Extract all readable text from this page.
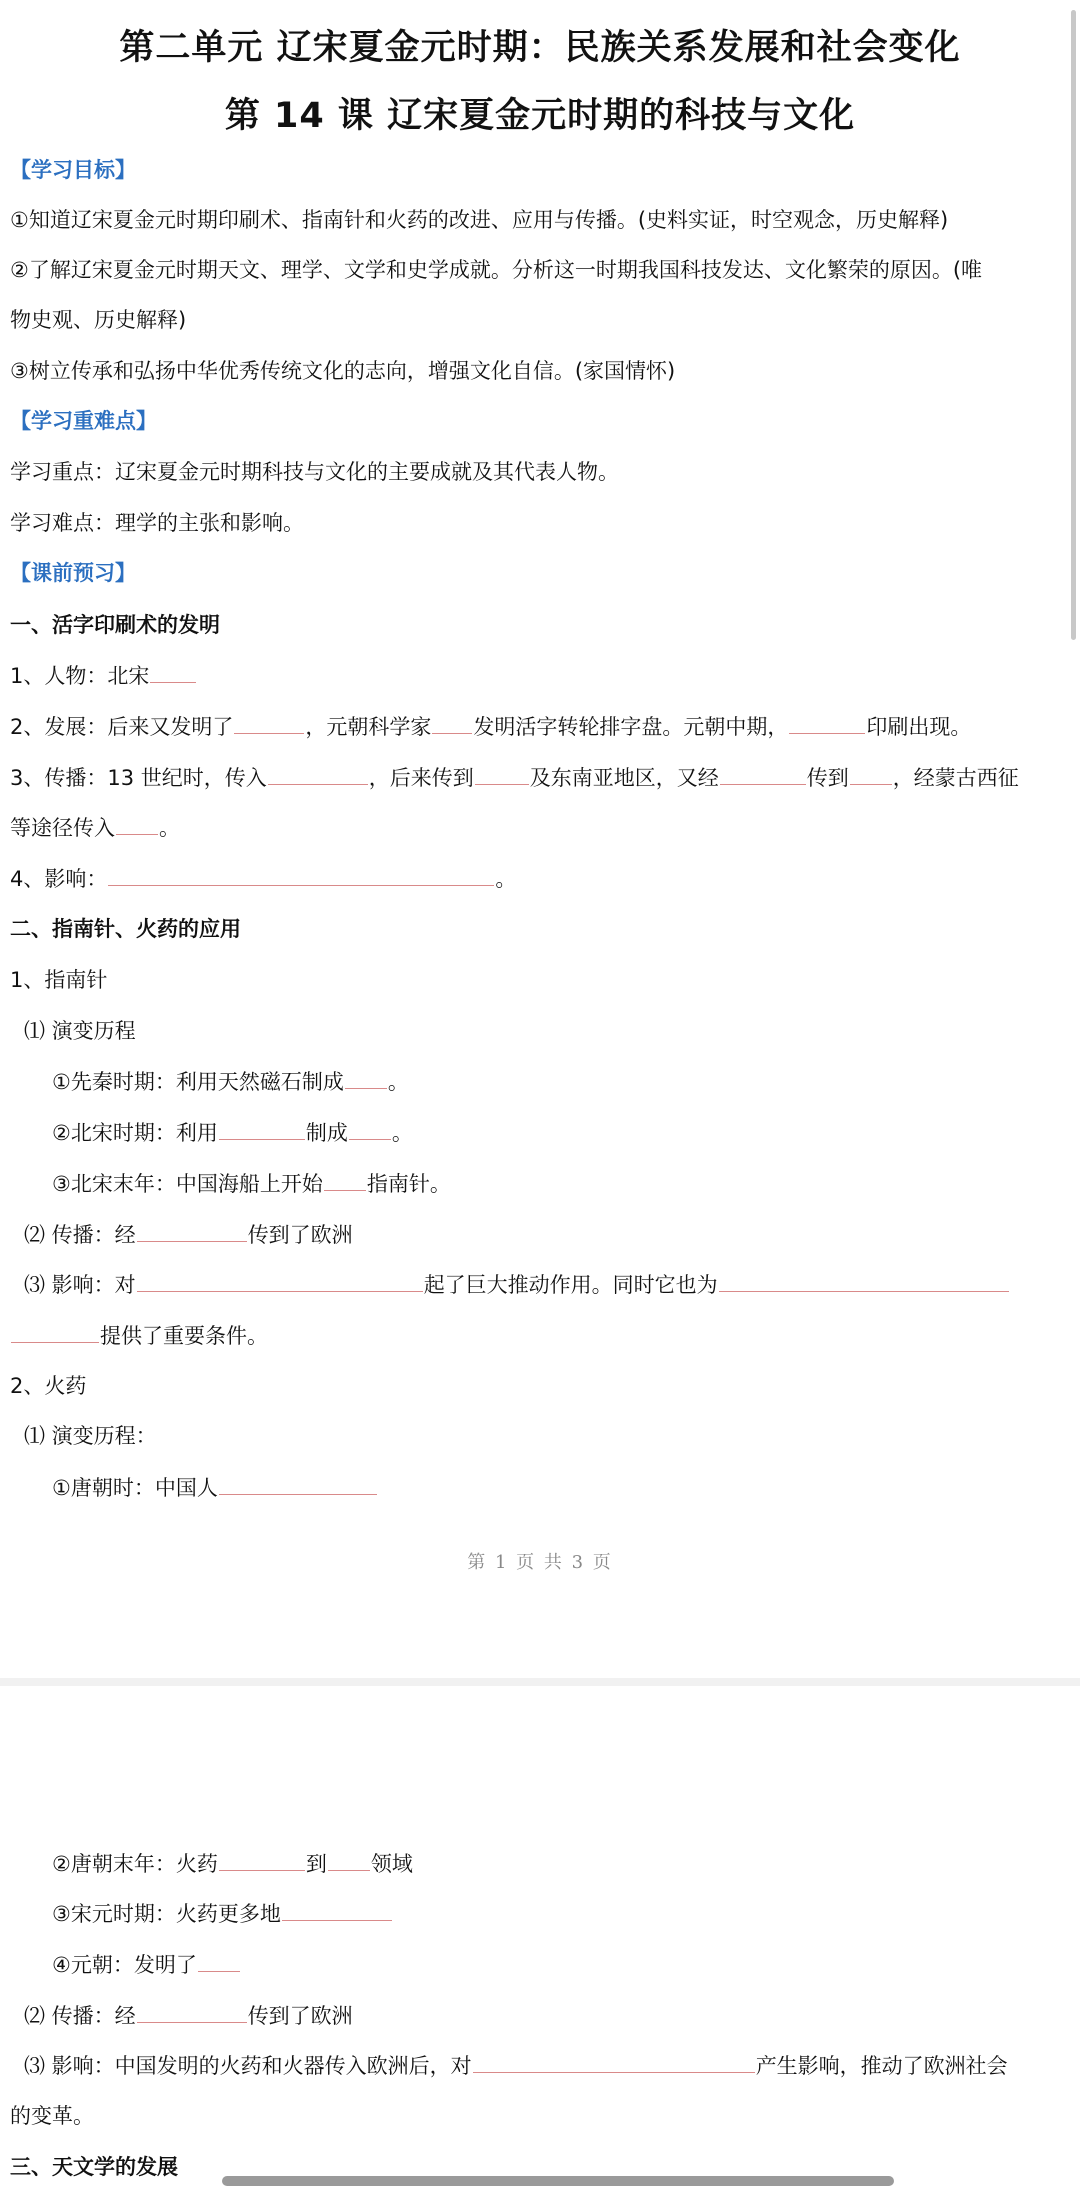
第二单元 辽宋夏金元时期：民族关系发展和社会变化
第 14 课 辽宋夏金元时期的科技与文化
【学习目标】
①知道辽宋夏金元时期印刷术、指南针和火药的改进、应用与传播。(史料实证，时空观念，历史解释)
②了解辽宋夏金元时期天文、理学、文学和史学成就。分析这一时期我国科技发达、文化繁荣的原因。(唯
物史观、历史解释)
③树立传承和弘扬中华优秀传统文化的志向，增强文化自信。(家国情怀)
【学习重难点】
学习重点：辽宋夏金元时期科技与文化的主要成就及其代表人物。
学习难点：理学的主张和影响。
【课前预习】
一、活字印刷术的发明
1、人物：北宋
2、发展：后来又发明了	，元朝科学家 发明活字转轮排字盘。元朝中期，	印刷出现。
3、传播：13 世纪时，传入	，后来传到	及东南亚地区，又经	传到 ，经蒙古西征
等途径传入 。
4、影响：	。
二、指南针、火药的应用
1、指南针
⑴ 演变历程
①先秦时期：利用天然磁石制成 。
②北宋时期：利用	制成 。
③北宋末年：中国海船上开始 指南针。
⑵ 传播：经	传到了欧洲
⑶ 影响：对	起了巨大推动作用。同时它也为
提供了重要条件。
2、火药
⑴ 演变历程：
①唐朝时：中国人
第 1 页 共 3 页
②唐朝末年：火药	到 领域
③宋元时期：火药更多地
④元朝：发明了
⑵ 传播：经	传到了欧洲
⑶ 影响：中国发明的火药和火器传入欧洲后，对	产生影响，推动了欧洲社会
的变革。
三、天文学的发展
